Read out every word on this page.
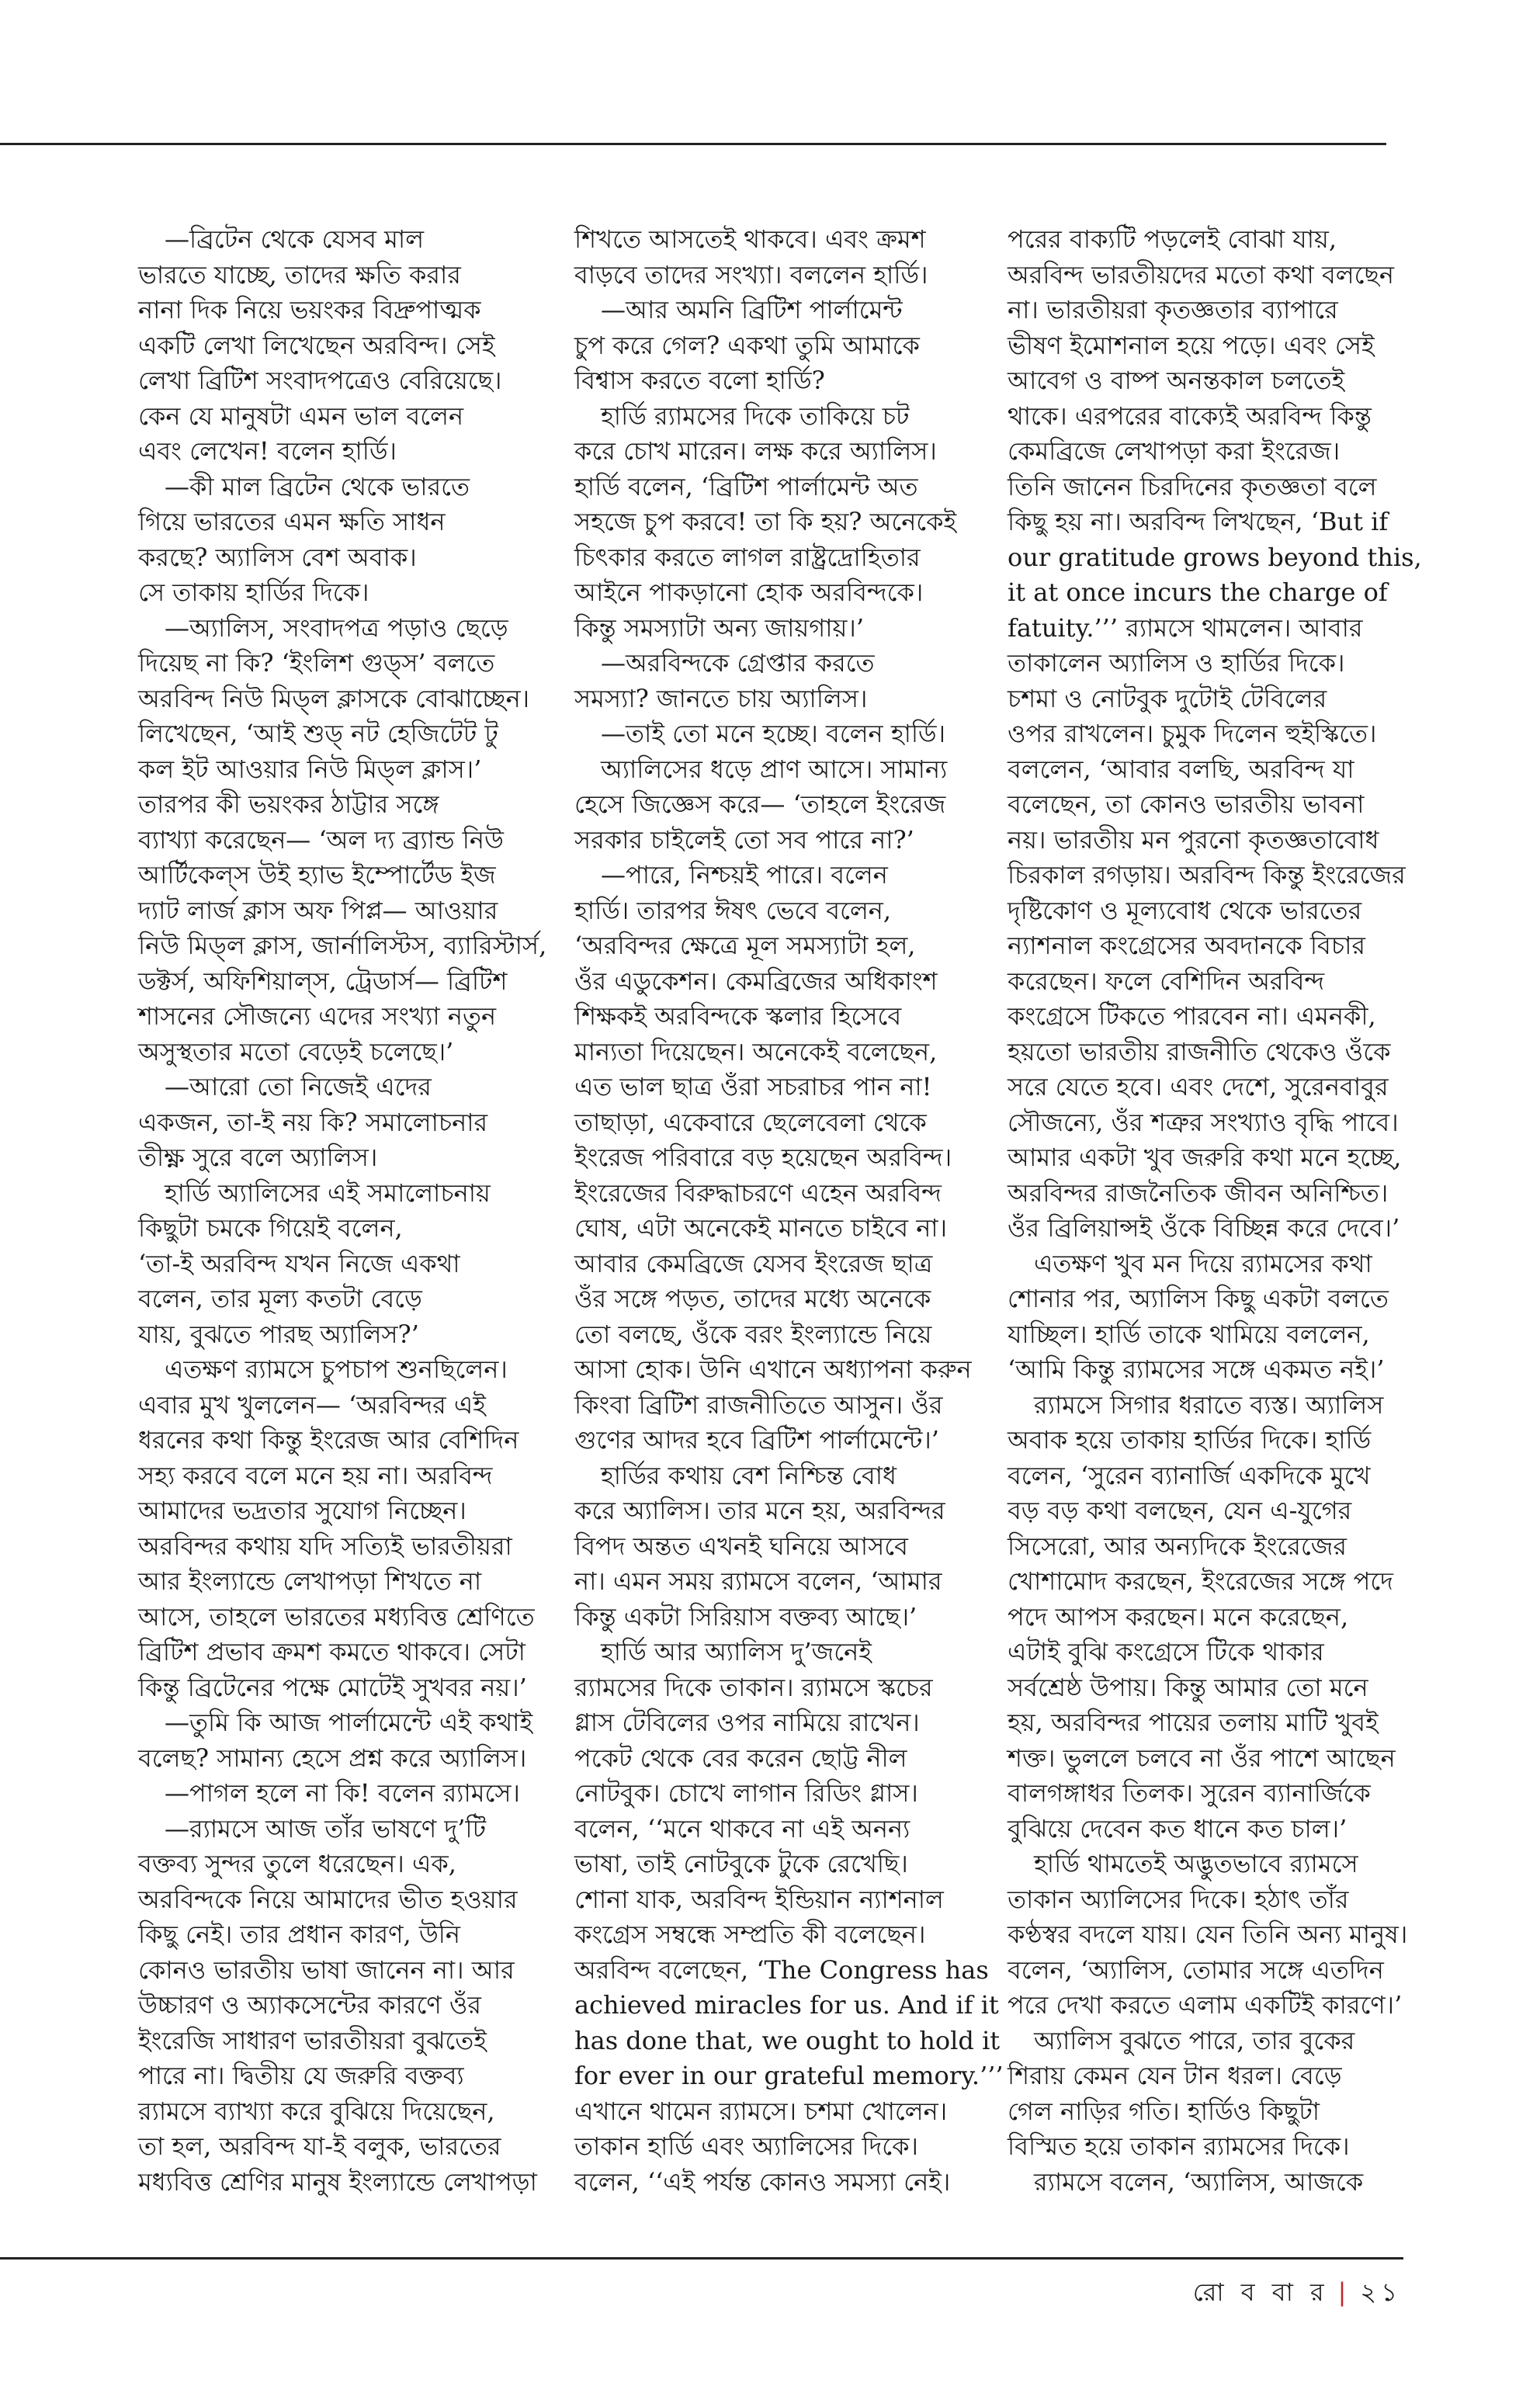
—ব্রিটেন থেকে যেসব মাল
ভারতে যাচ্ছে, তাদের ক্ষতি করার
নানা দিক নিয়ে ভয়ংকর বিদ্রুপাত্মক
একটি লেখা লিখেছেন অরবিন্দ। সেই
লেখা ব্রিটিশ সংবাদপত্রেও বেরিয়েছে।
কেন যে মানুষটা এমন ভাল বলেন
এবং লেখেন! বলেন হার্ডি।
—কী মাল ব্রিটেন থেকে ভারতে
গিয়ে ভারতের এমন ক্ষতি সাধন
করছে? অ্যালিস বেশ অবাক।
সে তাকায় হার্ডির দিকে।
—অ্যালিস, সংবাদপত্র পড়াও ছেড়ে
দিয়েছ না কি? ‘ইংলিশ গুড্স’ বলতে
অরবিন্দ নিউ মিড্ল ক্লাসকে বোঝাচ্ছেন।
লিখেছেন, ‘আই শুড্ নট হেজিটেট টু
কল ইট আওয়ার নিউ মিড্ল ক্লাস।’
তারপর কী ভয়ংকর ঠাট্টার সঙ্গে
ব্যাখ্যা করেছেন— ‘অল দ্য ব্র্যান্ড নিউ
আর্টিকেল্স উই হ্যাভ ইম্পোর্টেড ইজ
দ্যাট লার্জ ক্লাস অফ পিপ্ল— আওয়ার
নিউ মিড্ল ক্লাস, জার্নালিস্টস, ব্যারিস্টার্স,
ডক্টর্স, অফিশিয়াল্স, ট্রেডার্স— ব্রিটিশ
শাসনের সৌজন্যে এদের সংখ্যা নতুন
অসুস্থতার মতো বেড়েই চলেছে।’
—আরো তো নিজেই এদের
একজন, তা-ই নয় কি? সমালোচনার
তীক্ষ্ণ সুরে বলে অ্যালিস।
হার্ডি অ্যালিসের এই সমালোচনায়
কিছুটা চমকে গিয়েই বলেন,
‘তা-ই অরবিন্দ যখন নিজে একথা
বলেন, তার মূল্য কতটা বেড়ে
যায়, বুঝতে পারছ অ্যালিস?’
এতক্ষণ র‍্যামসে চুপচাপ শুনছিলেন।
এবার মুখ খুললেন— ‘অরবিন্দর এই
ধরনের কথা কিন্তু ইংরেজ আর বেশিদিন
সহ্য করবে বলে মনে হয় না। অরবিন্দ
আমাদের ভদ্রতার সুযোগ নিচ্ছেন।
অরবিন্দর কথায় যদি সত্যিই ভারতীয়রা
আর ইংল্যান্ডে লেখাপড়া শিখতে না
আসে, তাহলে ভারতের মধ্যবিত্ত শ্রেণিতে
ব্রিটিশ প্রভাব ক্রমশ কমতে থাকবে। সেটা
কিন্তু ব্রিটেনের পক্ষে মোটেই সুখবর নয়।’
—তুমি কি আজ পার্লামেন্টে এই কথাই
বলেছ? সামান্য হেসে প্রশ্ন করে অ্যালিস।
—পাগল হলে না কি! বলেন র‍্যামসে।
—র‍্যামসে আজ তাঁর ভাষণে দু’টি
বক্তব্য সুন্দর তুলে ধরেছেন। এক,
অরবিন্দকে নিয়ে আমাদের ভীত হওয়ার
কিছু নেই। তার প্রধান কারণ, উনি
কোনও ভারতীয় ভাষা জানেন না। আর
উচ্চারণ ও অ্যাকসেন্টের কারণে ওঁর
ইংরেজি সাধারণ ভারতীয়রা বুঝতেই
পারে না। দ্বিতীয় যে জরুরি বক্তব্য
র‍্যামসে ব্যাখ্যা করে বুঝিয়ে দিয়েছেন,
তা হল, অরবিন্দ যা-ই বলুক, ভারতের
মধ্যবিত্ত শ্রেণির মানুষ ইংল্যান্ডে লেখাপড়া
শিখতে আসতেই থাকবে। এবং ক্রমশ
বাড়বে তাদের সংখ্যা। বললেন হার্ডি।
—আর অমনি ব্রিটিশ পার্লামেন্ট
চুপ করে গেল? একথা তুমি আমাকে
বিশ্বাস করতে বলো হার্ডি?
হার্ডি র‍্যামসের দিকে তাকিয়ে চট
করে চোখ মারেন। লক্ষ করে অ্যালিস।
হার্ডি বলেন, ‘ব্রিটিশ পার্লামেন্ট অত
সহজে চুপ করবে! তা কি হয়? অনেকেই
চিৎকার করতে লাগল রাষ্ট্রদ্রোহিতার
আইনে পাকড়ানো হোক অরবিন্দকে।
কিন্তু সমস্যাটা অন্য জায়গায়।’
—অরবিন্দকে গ্রেপ্তার করতে
সমস্যা? জানতে চায় অ্যালিস।
—তাই তো মনে হচ্ছে। বলেন হার্ডি।
অ্যালিসের ধড়ে প্রাণ আসে। সামান্য
হেসে জিজ্ঞেস করে— ‘তাহলে ইংরেজ
সরকার চাইলেই তো সব পারে না?’
—পারে, নিশ্চয়ই পারে। বলেন
হার্ডি। তারপর ঈষৎ ভেবে বলেন,
‘অরবিন্দর ক্ষেত্রে মূল সমস্যাটা হল,
ওঁর এডুকেশন। কেমব্রিজের অধিকাংশ
শিক্ষকই অরবিন্দকে স্কলার হিসেবে
মান্যতা দিয়েছেন। অনেকেই বলেছেন,
এত ভাল ছাত্র ওঁরা সচরাচর পান না!
তাছাড়া, একেবারে ছেলেবেলা থেকে
ইংরেজ পরিবারে বড় হয়েছেন অরবিন্দ।
ইংরেজের বিরুদ্ধাচরণে এহেন অরবিন্দ
ঘোষ, এটা অনেকেই মানতে চাইবে না।
আবার কেমব্রিজে যেসব ইংরেজ ছাত্র
ওঁর সঙ্গে পড়ত, তাদের মধ্যে অনেকে
তো বলছে, ওঁকে বরং ইংল্যান্ডে নিয়ে
আসা হোক। উনি এখানে অধ্যাপনা করুন
কিংবা ব্রিটিশ রাজনীতিতে আসুন। ওঁর
গুণের আদর হবে ব্রিটিশ পার্লামেন্টে।’
হার্ডির কথায় বেশ নিশ্চিন্ত বোধ
করে অ্যালিস। তার মনে হয়, অরবিন্দর
বিপদ অন্তত এখনই ঘনিয়ে আসবে
না। এমন সময় র‍্যামসে বলেন, ‘আমার
কিন্তু একটা সিরিয়াস বক্তব্য আছে।’
হার্ডি আর অ্যালিস দু’জনেই
র‍্যামসের দিকে তাকান। র‍্যামসে স্কচের
গ্লাস টেবিলের ওপর নামিয়ে রাখেন।
পকেট থেকে বের করেন ছোট্ট নীল
নোটবুক। চোখে লাগান রিডিং গ্লাস।
বলেন, ‘‘মনে থাকবে না এই অনন্য
ভাষা, তাই নোটবুকে টুকে রেখেছি।
শোনা যাক, অরবিন্দ ইন্ডিয়ান ন্যাশনাল
কংগ্রেস সম্বন্ধে সম্প্রতি কী বলেছেন।
অরবিন্দ বলেছেন, ‘The Congress has
achieved miracles for us. And if it
has done that, we ought to hold it
for ever in our grateful memory.’’’
এখানে থামেন র‍্যামসে। চশমা খোলেন।
তাকান হার্ডি এবং অ্যালিসের দিকে।
বলেন, ‘‘এই পর্যন্ত কোনও সমস্যা নেই।
পরের বাক্যটি পড়লেই বোঝা যায়,
অরবিন্দ ভারতীয়দের মতো কথা বলছেন
না। ভারতীয়রা কৃতজ্ঞতার ব্যাপারে
ভীষণ ইমোশনাল হয়ে পড়ে। এবং সেই
আবেগ ও বাষ্প অনন্তকাল চলতেই
থাকে। এরপরের বাক্যেই অরবিন্দ কিন্তু
কেমব্রিজে লেখাপড়া করা ইংরেজ।
তিনি জানেন চিরদিনের কৃতজ্ঞতা বলে
কিছু হয় না। অরবিন্দ লিখছেন, ‘But if
our gratitude grows beyond this,
it at once incurs the charge of
fatuity.’’’ র‍্যামসে থামলেন। আবার
তাকালেন অ্যালিস ও হার্ডির দিকে।
চশমা ও নোটবুক দুটোই টেবিলের
ওপর রাখলেন। চুমুক দিলেন হুইস্কিতে।
বললেন, ‘আবার বলছি, অরবিন্দ যা
বলেছেন, তা কোনও ভারতীয় ভাবনা
নয়। ভারতীয় মন পুরনো কৃতজ্ঞতাবোধ
চিরকাল রগড়ায়। অরবিন্দ কিন্তু ইংরেজের
দৃষ্টিকোণ ও মূল্যবোধ থেকে ভারতের
ন্যাশনাল কংগ্রেসের অবদানকে বিচার
করেছেন। ফলে বেশিদিন অরবিন্দ
কংগ্রেসে টিকতে পারবেন না। এমনকী,
হয়তো ভারতীয় রাজনীতি থেকেও ওঁকে
সরে যেতে হবে। এবং দেশে, সুরেনবাবুর
সৌজন্যে, ওঁর শত্রুর সংখ্যাও বৃদ্ধি পাবে।
আমার একটা খুব জরুরি কথা মনে হচ্ছে,
অরবিন্দর রাজনৈতিক জীবন অনিশ্চিত।
ওঁর ব্রিলিয়ান্সই ওঁকে বিচ্ছিন্ন করে দেবে।’
এতক্ষণ খুব মন দিয়ে র‍্যামসের কথা
শোনার পর, অ্যালিস কিছু একটা বলতে
যাচ্ছিল। হার্ডি তাকে থামিয়ে বললেন,
‘আমি কিন্তু র‍্যামসের সঙ্গে একমত নই।’
র‍্যামসে সিগার ধরাতে ব্যস্ত। অ্যালিস
অবাক হয়ে তাকায় হার্ডির দিকে। হার্ডি
বলেন, ‘সুরেন ব্যানার্জি একদিকে মুখে
বড় বড় কথা বলছেন, যেন এ-যুগের
সিসেরো, আর অন্যদিকে ইংরেজের
খোশামোদ করছেন, ইংরেজের সঙ্গে পদে
পদে আপস করছেন। মনে করেছেন,
এটাই বুঝি কংগ্রেসে টিকে থাকার
সর্বশ্রেষ্ঠ উপায়। কিন্তু আমার তো মনে
হয়, অরবিন্দর পায়ের তলায় মাটি খুবই
শক্ত। ভুললে চলবে না ওঁর পাশে আছেন
বালগঙ্গাধর তিলক। সুরেন ব্যানার্জিকে
বুঝিয়ে দেবেন কত ধানে কত চাল।’
হার্ডি থামতেই অদ্ভুতভাবে র‍্যামসে
তাকান অ্যালিসের দিকে। হঠাৎ তাঁর
কণ্ঠস্বর বদলে যায়। যেন তিনি অন্য মানুষ।
বলেন, ‘অ্যালিস, তোমার সঙ্গে এতদিন
পরে দেখা করতে এলাম একটিই কারণে।’
অ্যালিস বুঝতে পারে, তার বুকের
শিরায় কেমন যেন টান ধরল। বেড়ে
গেল নাড়ির গতি। হার্ডিও কিছুটা
বিস্মিত হয়ে তাকান র‍্যামসের দিকে।
র‍্যামসে বলেন, ‘অ্যালিস, আজকে
রো ব বা র | ২১
